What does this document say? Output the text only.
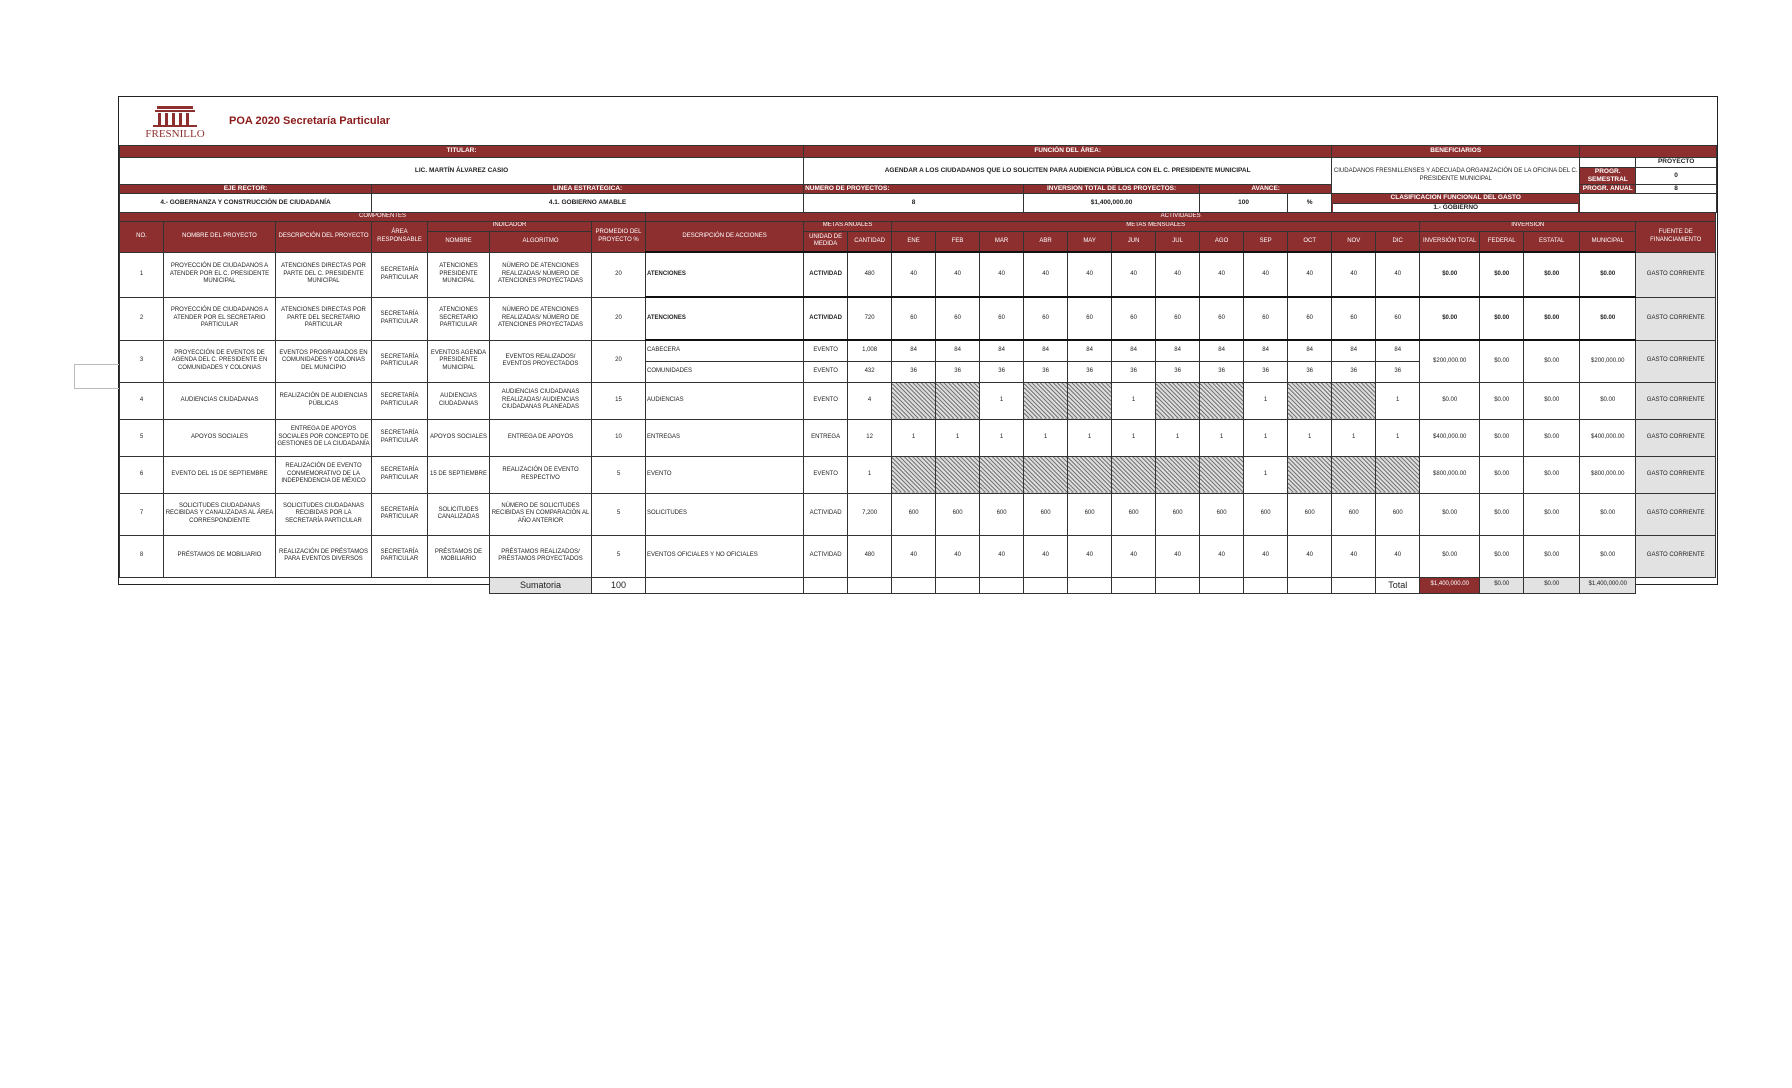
FRESNILLO
POA 2020 Secretaría Particular
TITULAR:								FUNCIÓN DEL ÁREA:												BENEFICIARIOS						
LIC. MARTÍN ÁLVAREZ CASIO								AGENDAR A LOS CIUDADANOS QUE LO SOLICITEN PARA AUDIENCIA PÚBLICA CON EL C. PRESIDENTE MUNICIPAL												CIUDADANOS FRESNILLENSES Y ADECUADA ORGANIZACIÓN DE LA OFICINA DEL C. PRESIDENTE MUNICIPAL						PROYECTO
																									PROGR. SEMESTRAL	0
EJE RECTOR:			LINEA ESTRATÉGICA:					NÚMERO DE PROYECTOS:					INVERSIÓN TOTAL DE LOS PROYECTOS:				AVANCE:								PROGR. ANUAL	8
4.- GOBERNANZA Y CONSTRUCCIÓN DE CIUDADANÍA			4.1. GOBIERNO AMABLE					8					$1,400,000.00				100		%	CLASIFICACIÓN FUNCIONAL DEL GASTO
1.- GOBIERNO						

COMPONENTES							ACTIVIDADES																			
NO.	NOMBRE DEL PROYECTO	DESCRIPCIÓN DEL PROYECTO	ÁREA RESPONSABLE	INDICADOR		PROMEDIO DEL PROYECTO %	DESCRIPCIÓN DE ACCIONES	METAS ANUALES		METAS MENSUALES												INVERSIÓN				FUENTE DE FINANCIAMIENTO
				NOMBRE	ALGORITMO			UNIDAD DE MEDIDA	CANTIDAD	ENE	FEB	MAR	ABR	MAY	JUN	JUL	AGO	SEP	OCT	NOV	DIC	INVERSIÓN TOTAL	FEDERAL	ESTATAL	MUNICIPAL	
1	PROYECCIÓN DE CIUDADANOS A ATENDER POR EL C. PRESIDENTE MUNICIPAL	ATENCIONES DIRECTAS POR PARTE DEL C. PRESIDENTE MUNICIPAL	SECRETARÍA PARTICULAR	ATENCIONES PRESIDENTE MUNICIPAL	NÚMERO DE ATENCIONES REALIZADAS/ NÚMERO DE ATENCIONES PROYECTADAS	20	ATENCIONES	ACTIVIDAD	480	40	40	40	40	40	40	40	40	40	40	40	40	$0.00	$0.00	$0.00	$0.00	GASTO CORRIENTE
2	PROYECCIÓN DE CIUDADANOS A ATENDER POR EL SECRETARIO PARTICULAR	ATENCIONES DIRECTAS POR PARTE DEL SECRETARIO PARTICULAR	SECRETARÍA PARTICULAR	ATENCIONES SECRETARIO PARTICULAR	NÚMERO DE ATENCIONES REALIZADAS/ NÚMERO DE ATENCIONES PROYECTADAS	20	ATENCIONES	ACTIVIDAD	720	60	60	60	60	60	60	60	60	60	60	60	60	$0.00	$0.00	$0.00	$0.00	GASTO CORRIENTE
3	PROYECCIÓN DE EVENTOS DE AGENDA DEL C. PRESIDENTE EN COMUNIDADES Y COLONIAS	EVENTOS PROGRAMADOS EN COMUNIDADES Y COLONIAS DEL MUNICIPIO	SECRETARÍA PARTICULAR	EVENTOS AGENDA PRESIDENTE MUNICIPAL	EVENTOS REALIZADOS/ EVENTOS PROYECTADOS	20	CABECERA	EVENTO	1,008	84	84	84	84	84	84	84	84	84	84	84	84	$200,000.00	$0.00	$0.00	$200,000.00	GASTO CORRIENTE
							COMUNIDADES	EVENTO	432	36	36	36	36	36	36	36	36	36	36	36	36					
4	AUDIENCIAS CIUDADANAS	REALIZACIÓN DE AUDIENCIAS PÚBLICAS	SECRETARÍA PARTICULAR	AUDIENCIAS CIUDADANAS	AUDIENCIAS CIUDADANAS REALIZADAS/ AUDIENCIAS CIUDADANAS PLANEADAS	15	AUDIENCIAS	EVENTO	4			1			1			1			1	$0.00	$0.00	$0.00	$0.00	GASTO CORRIENTE
5	APOYOS SOCIALES	ENTREGA DE APOYOS SOCIALES POR CONCEPTO DE GESTIONES DE LA CIUDADANÍA	SECRETARÍA PARTICULAR	APOYOS SOCIALES	ENTREGA DE APOYOS	10	ENTREGAS	ENTREGA	12	1	1	1	1	1	1	1	1	1	1	1	1	$400,000.00	$0.00	$0.00	$400,000.00	GASTO CORRIENTE
6	EVENTO DEL 15 DE SEPTIEMBRE	REALIZACIÓN DE EVENTO CONMEMORATIVO DE LA INDEPENDENCIA DE MÉXICO	SECRETARÍA PARTICULAR	15 DE SEPTIEMBRE	REALIZACIÓN DE EVENTO RESPECTIVO	5	EVENTO	EVENTO	1									1				$800,000.00	$0.00	$0.00	$800,000.00	GASTO CORRIENTE
7	SOLICITUDES CIUDADANAS RECIBIDAS Y CANALIZADAS AL ÁREA CORRESPONDIENTE	SOLICITUDES CIUDADANAS RECIBIDAS POR LA SECRETARÍA PARTICULAR	SECRETARÍA PARTICULAR	SOLICITUDES CANALIZADAS	NÚMERO DE SOLICITUDES RECIBIDAS EN COMPARACIÓN AL AÑO ANTERIOR	5	SOLICITUDES	ACTIVIDAD	7,200	600	600	600	600	600	600	600	600	600	600	600	600	$0.00	$0.00	$0.00	$0.00	GASTO CORRIENTE
8	PRÉSTAMOS DE MOBILIARIO	REALIZACIÓN DE PRÉSTAMOS PARA EVENTOS DIVERSOS	SECRETARÍA PARTICULAR	PRÉSTAMOS DE MOBILIARIO	PRÉSTAMOS REALIZADOS/ PRÉSTAMOS PROYECTADOS	5	EVENTOS OFICIALES Y NO OFICIALES	ACTIVIDAD	480	40	40	40	40	40	40	40	40	40	40	40	40	$0.00	$0.00	$0.00	$0.00	GASTO CORRIENTE
					Sumatoria	100															Total	$1,400,000.00	$0.00	$0.00	$1,400,000.00	
